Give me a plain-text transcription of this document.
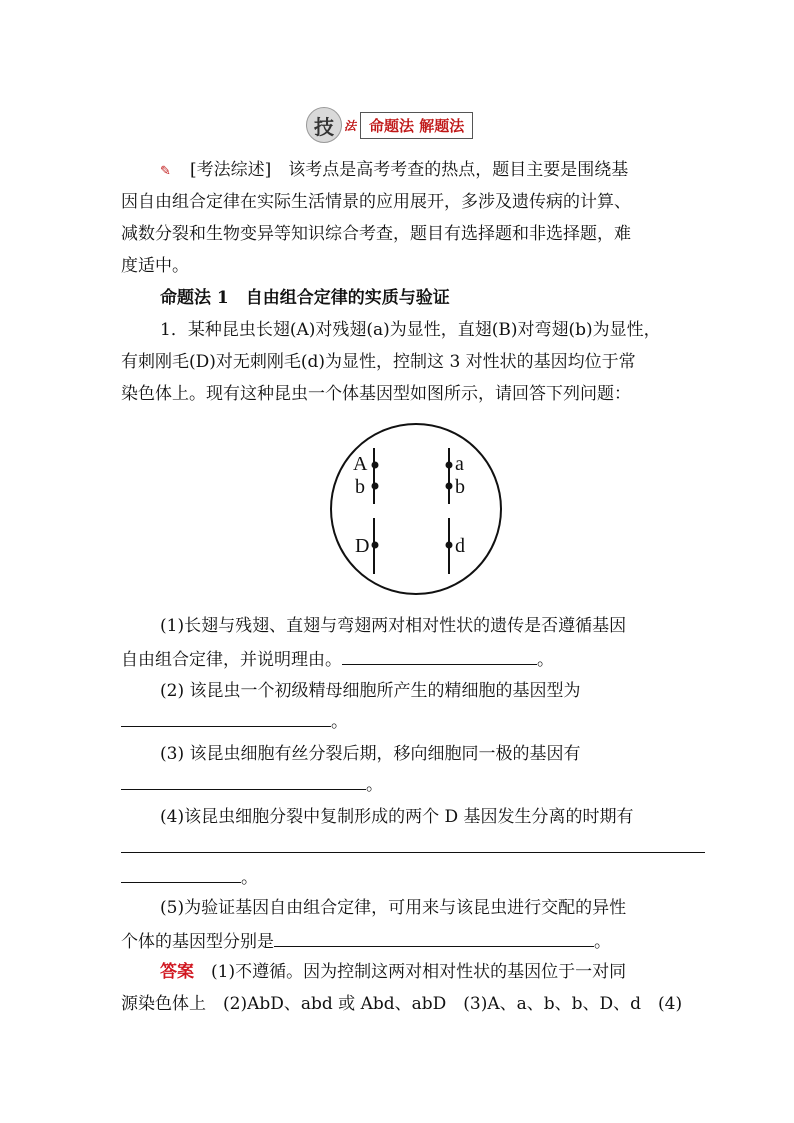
技 法 命题法 解题法
✎ [考法综述]　 该考点是高考考查的热点，题目主要是围绕基
因自由组合定律在实际生活情景的应用展开，多涉及遗传病的计算、
减数分裂和生物变异等知识综合考查，题目有选择题和非选择题，难
度适中。
命题法 1　自由组合定律的实质与验证
1．某种昆虫长翅(A)对残翅(a)为显性，直翅(B)对弯翅(b)为显性，
有刺刚毛(D)对无刺刚毛(d)为显性，控制这 3 对性状的基因均位于常
染色体上。现有这种昆虫一个体基因型如图所示，请回答下列问题：
A
b
a
b
D	d
(1)长翅与残翅、直翅与弯翅两对相对性状的遗传是否遵循基因
自由组合定律，并说明理由。	。
(2) 该昆虫一个初级精母细胞所产生的精细胞的基因型为
。
(3) 该昆虫细胞有丝分裂后期，移向细胞同一极的基因有
。
(4)该昆虫细胞分裂中复制形成的两个 D 基因发生分离的时期有
。
(5)为验证基因自由组合定律，可用来与该昆虫进行交配的异性
个体的基因型分别是	。
答案　 (1)不遵循。因为控制这两对相对性状的基因位于一对同
源染色体上　(2)AbD、abd 或 Abd、abD　(3)A、a、b、b、D、d　(4)
